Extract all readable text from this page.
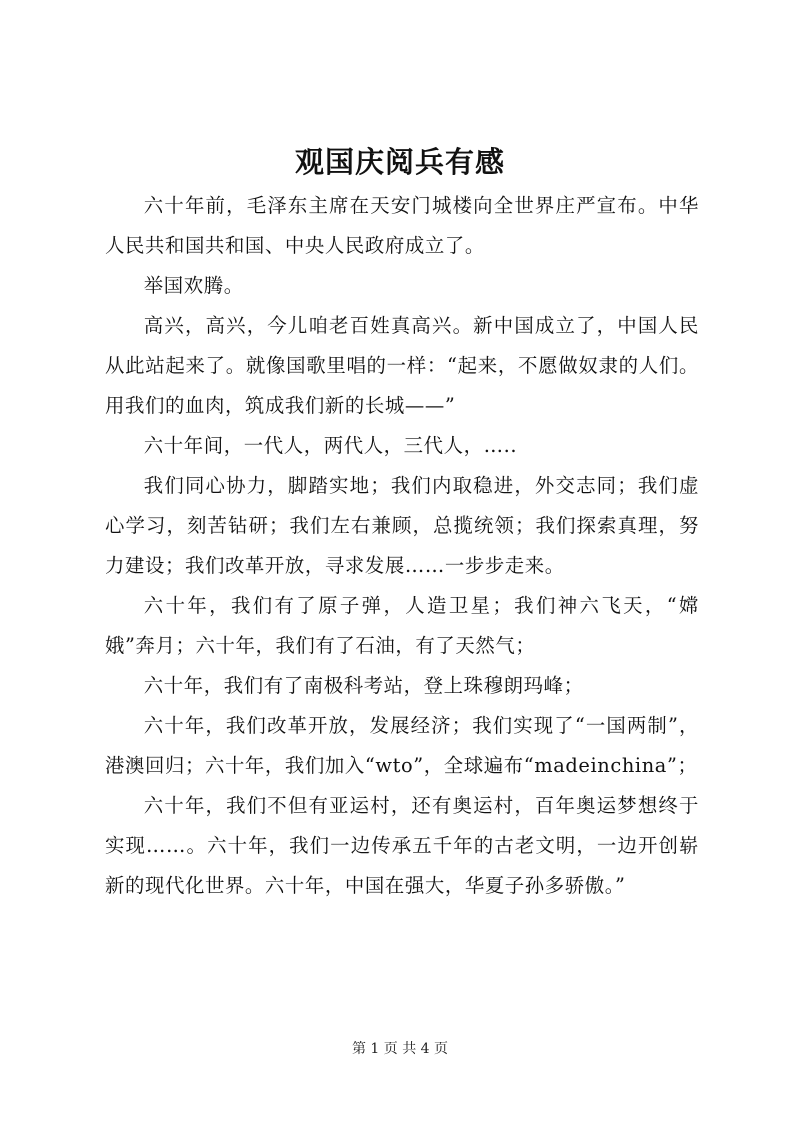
观国庆阅兵有感

六十年前，毛泽东主席在天安门城楼向全世界庄严宣布。中华人民共和国共和国、中央人民政府成立了。

举国欢腾。

高兴，高兴，今儿咱老百姓真高兴。新中国成立了，中国人民从此站起来了。就像国歌里唱的一样：“起来，不愿做奴隶的人们。用我们的血肉，筑成我们新的长城——”

六十年间，一代人，两代人，三代人，…..

我们同心协力，脚踏实地；我们内取稳进，外交志同；我们虚心学习，刻苦钻研；我们左右兼顾，总揽统领；我们探索真理，努力建设；我们改革开放，寻求发展……一步步走来。

六十年，我们有了原子弹，人造卫星；我们神六飞天，“嫦娥”奔月；六十年，我们有了石油，有了天然气；

六十年，我们有了南极科考站，登上珠穆朗玛峰；

六十年，我们改革开放，发展经济；我们实现了“一国两制”，港澳回归；六十年，我们加入“wto”，全球遍布“madeinchina”；

六十年，我们不但有亚运村，还有奥运村，百年奥运梦想终于实现……。六十年，我们一边传承五千年的古老文明，一边开创崭新的现代化世界。六十年，中国在强大，华夏子孙多骄傲。”

第 1 页 共 4 页
